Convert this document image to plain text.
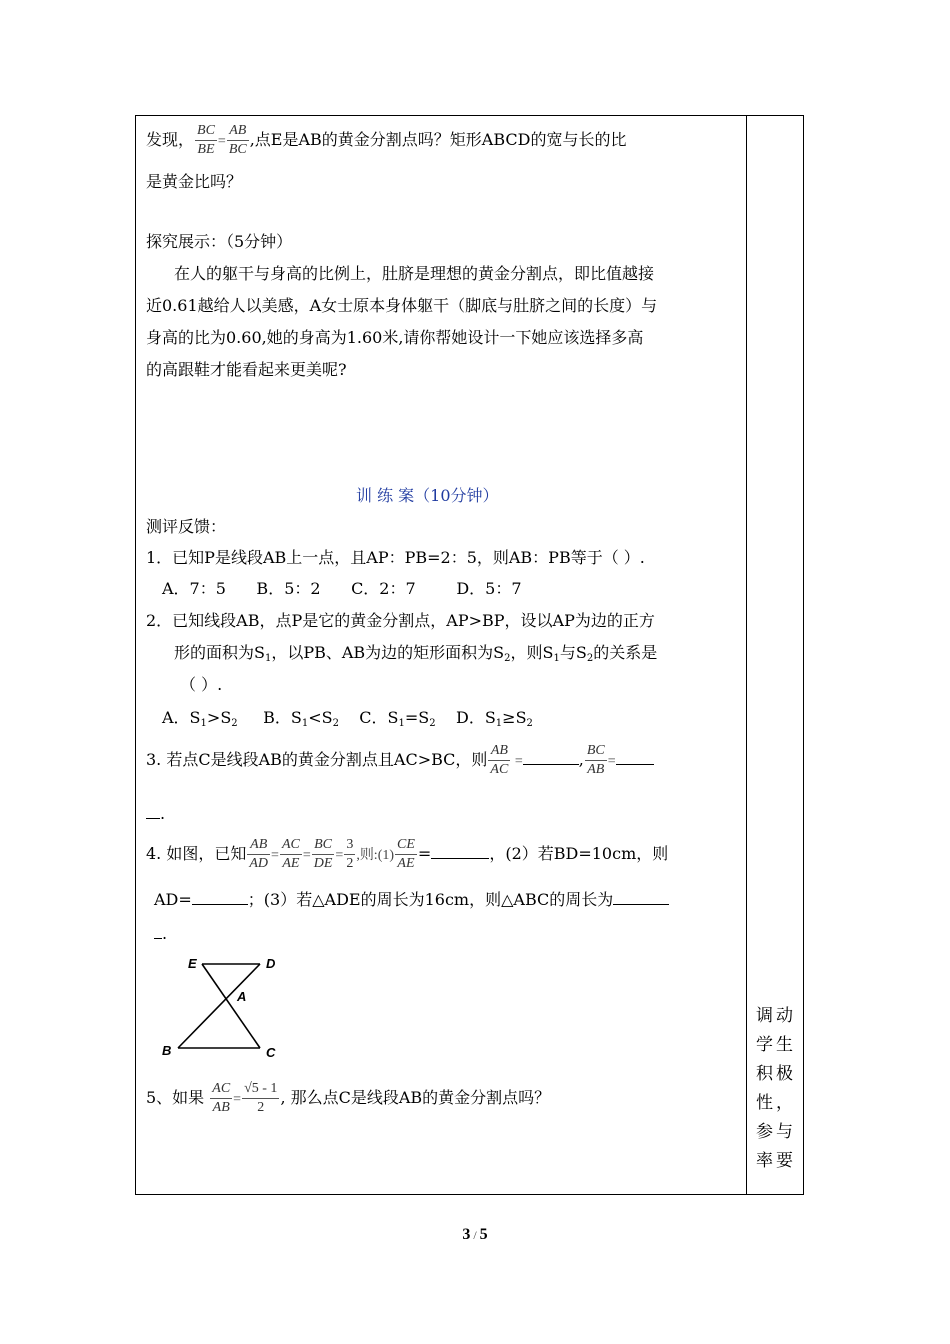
发现， $\frac{BC}{BE} = \frac{AB}{BC}$ ,点E是AB的黄金分割点吗？矩形ABCD的宽与长的比
是黄金比吗？
探究展示：（5分钟）
在人的躯干与身高的比例上，肚脐是理想的黄金分割点，即比值越接
近0.61越给人以美感，A女士原本身体躯干（脚底与肚脐之间的长度）与
身高的比为0.60,她的身高为1.60米,请你帮她设计一下她应该选择多高
的高跟鞋才能看起来更美呢?
训 练 案（10分钟）
测评反馈：
1．已知P是线段AB上一点，且AP：PB=2：5，则AB：PB等于（ ）.
A．7：5      B．5：2      C．2：7        D．5：7
2．已知线段AB，点P是它的黄金分割点，AP>BP，设以AP为边的正方
形的面积为$S_1$，以PB、AB为边的矩形面积为$S_2$，则$S_1$与$S_2$的关系是
（ ）.
A．$S_1>S_2$ B．$S_1<S_2$ C．$S_1=S_2$ D．$S_1\ge S_2$
3. 若点C是线段AB的黄金分割点且AC>BC，则 $\frac{AB}{AC}$ =	, $\frac{BC}{AB}$ =
.
4. 如图，已知 $\frac{AB}{AD} = \frac{AC}{AE} = \frac{BC}{DE} = \frac{3}{2}$ ,则:(1) $\frac{CE}{AE}$ =	，(2）若BD=10cm，则
AD=	；(3）若△ADE的周长为16cm，则△ABC的周长为
.
5、如果 $\frac{AC}{AB} = \frac{√5 - 1}{2}$ , 那么点C是线段AB的黄金分割点吗？
E	D
A
B	C
调动
学生
积极
性，
参与
率要
3 / 5
